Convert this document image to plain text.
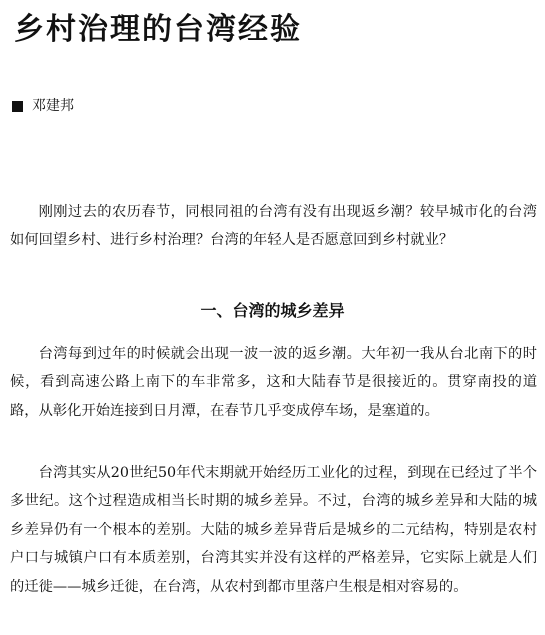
乡村治理的台湾经验
邓建邦

刚刚过去的农历春节，同根同祖的台湾有没有出现返乡潮？较早城市化的台湾如何回望乡村、进行乡村治理？台湾的年轻人是否愿意回到乡村就业？

一、台湾的城乡差异

台湾每到过年的时候就会出现一波一波的返乡潮。大年初一我从台北南下的时候，看到高速公路上南下的车非常多，这和大陆春节是很接近的。贯穿南投的道路，从彰化开始连接到日月潭，在春节几乎变成停车场，是塞道的。

台湾其实从20世纪50年代末期就开始经历工业化的过程，到现在已经过了半个多世纪。这个过程造成相当长时期的城乡差异。不过，台湾的城乡差异和大陆的城乡差异仍有一个根本的差别。大陆的城乡差异背后是城乡的二元结构，特别是农村户口与城镇户口有本质差别，台湾其实并没有这样的严格差异，它实际上就是人们的迁徙——城乡迁徙，在台湾，从农村到都市里落户生根是相对容易的。
